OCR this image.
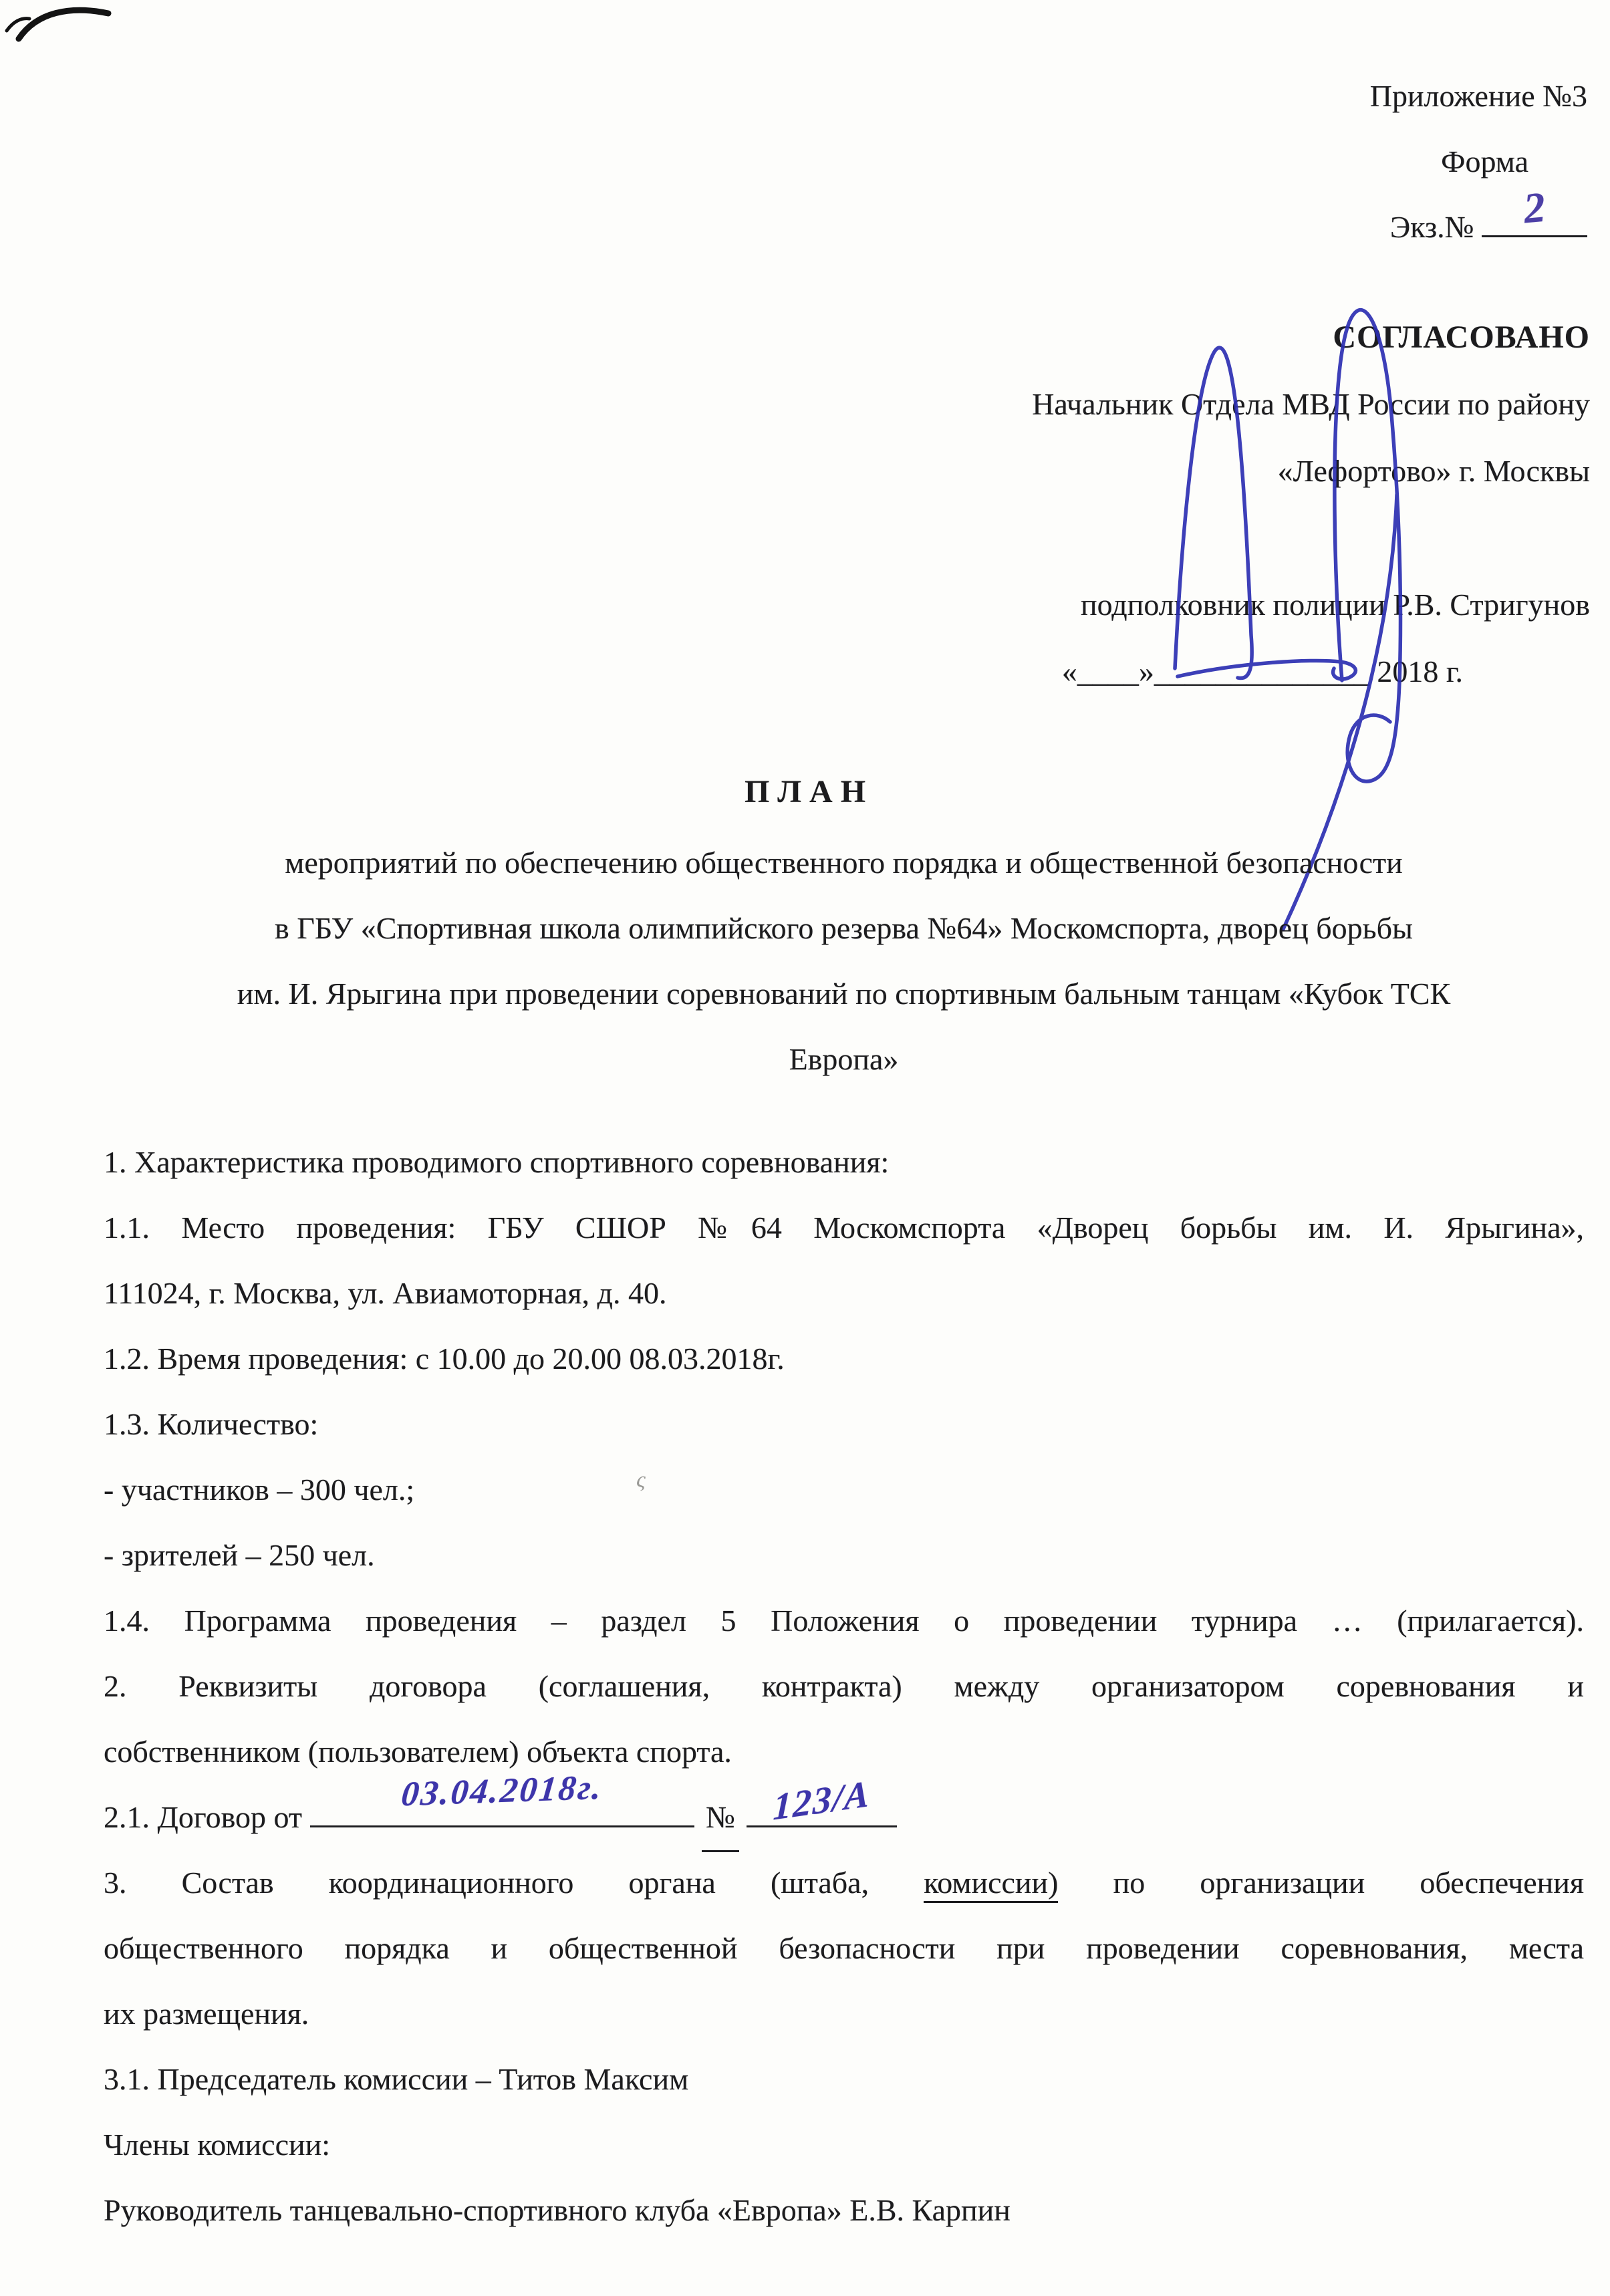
Приложение №3
Форма
Экз.№	2
СОГЛАСОВАНО
Начальник Отдела МВД России по району
«Лефортово» г. Москвы

подполковник полиции Р.В. Стригунов
«____»______________ 2018 г.
П Л А Н
мероприятий по обеспечению общественного порядка и общественной безопасности
в ГБУ «Спортивная школа олимпийского резерва №64» Москомспорта, дворец борьбы
им. И. Ярыгина при проведении соревнований по спортивным бальным танцам «Кубок ТСК
Европа»
1. Характеристика проводимого спортивного соревнования:
1.1. Место проведения: ГБУ СШОР №64 Москомспорта «Дворец борьбы им. И. Ярыгина»,
111024, г. Москва, ул. Авиамоторная, д. 40.
1.2. Время проведения: с 10.00 до 20.00 08.03.2018г.
1.3. Количество:
- участников – 300 чел.;
- зрителей – 250 чел.
1.4. Программа проведения – раздел 5 Положения о проведении турнира … (прилагается).
2. Реквизиты договора (соглашения, контракта) между организатором соревнования и
собственником (пользователем) объекта спорта.
2.1. Договор от
03.04.2018г.
№	123/А
3. Состав координационного органа (штаба, комиссии) по организации обеспечения
общественного порядка и общественной безопасности при проведении соревнования, места
их размещения.
3.1. Председатель комиссии – Титов Максим
Члены комиссии:
Руководитель танцевально-спортивного клуба «Европа» Е.В. Карпин
ς
